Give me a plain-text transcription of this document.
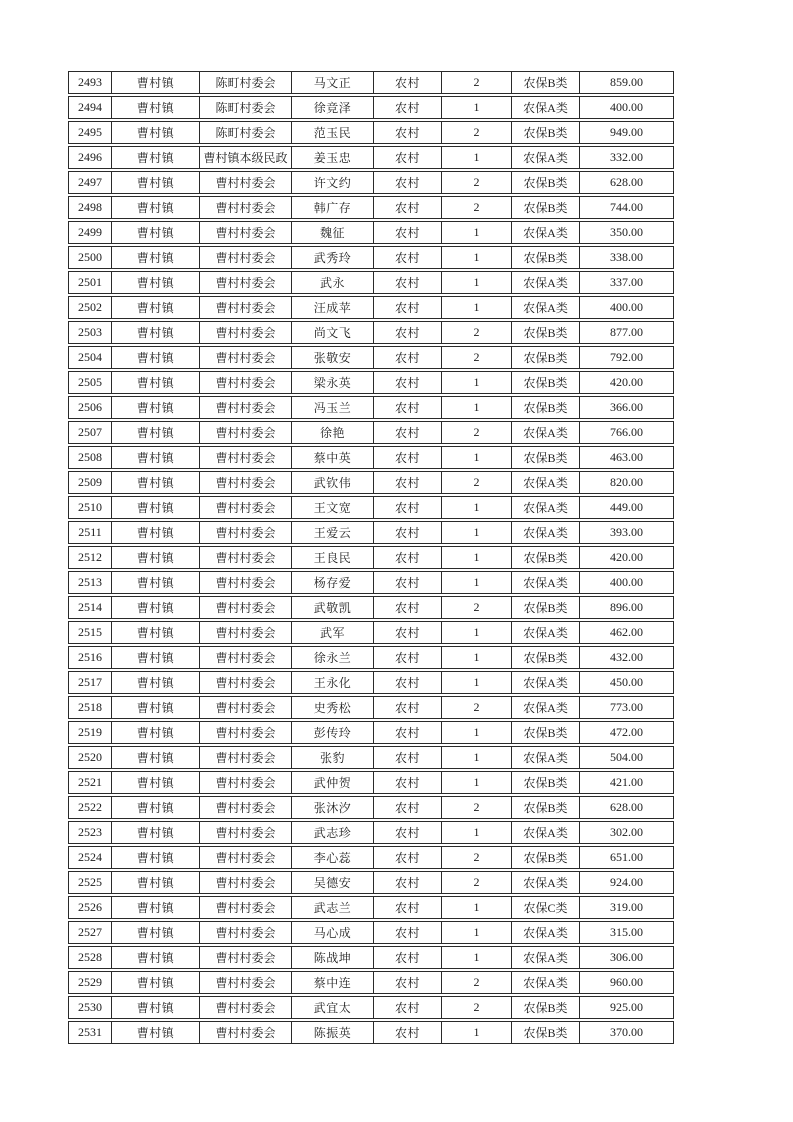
2493	曹村镇	陈町村委会	马文正	农村	2	农保B类	859.00
2494	曹村镇	陈町村委会	徐竞泽	农村	1	农保A类	400.00
2495	曹村镇	陈町村委会	范玉民	农村	2	农保B类	949.00
2496	曹村镇	曹村镇本级民政	姜玉忠	农村	1	农保A类	332.00
2497	曹村镇	曹村村委会	许文约	农村	2	农保B类	628.00
2498	曹村镇	曹村村委会	韩广存	农村	2	农保B类	744.00
2499	曹村镇	曹村村委会	魏征	农村	1	农保A类	350.00
2500	曹村镇	曹村村委会	武秀玲	农村	1	农保B类	338.00
2501	曹村镇	曹村村委会	武永	农村	1	农保A类	337.00
2502	曹村镇	曹村村委会	汪成苹	农村	1	农保A类	400.00
2503	曹村镇	曹村村委会	尚文飞	农村	2	农保B类	877.00
2504	曹村镇	曹村村委会	张敬安	农村	2	农保B类	792.00
2505	曹村镇	曹村村委会	梁永英	农村	1	农保B类	420.00
2506	曹村镇	曹村村委会	冯玉兰	农村	1	农保B类	366.00
2507	曹村镇	曹村村委会	徐艳	农村	2	农保A类	766.00
2508	曹村镇	曹村村委会	蔡中英	农村	1	农保B类	463.00
2509	曹村镇	曹村村委会	武钦伟	农村	2	农保A类	820.00
2510	曹村镇	曹村村委会	王文宽	农村	1	农保A类	449.00
2511	曹村镇	曹村村委会	王爱云	农村	1	农保A类	393.00
2512	曹村镇	曹村村委会	王良民	农村	1	农保B类	420.00
2513	曹村镇	曹村村委会	杨存爱	农村	1	农保A类	400.00
2514	曹村镇	曹村村委会	武敬凯	农村	2	农保B类	896.00
2515	曹村镇	曹村村委会	武军	农村	1	农保A类	462.00
2516	曹村镇	曹村村委会	徐永兰	农村	1	农保B类	432.00
2517	曹村镇	曹村村委会	王永化	农村	1	农保A类	450.00
2518	曹村镇	曹村村委会	史秀松	农村	2	农保A类	773.00
2519	曹村镇	曹村村委会	彭传玲	农村	1	农保B类	472.00
2520	曹村镇	曹村村委会	张豹	农村	1	农保A类	504.00
2521	曹村镇	曹村村委会	武仲贺	农村	1	农保B类	421.00
2522	曹村镇	曹村村委会	张沐汐	农村	2	农保B类	628.00
2523	曹村镇	曹村村委会	武志珍	农村	1	农保A类	302.00
2524	曹村镇	曹村村委会	李心蕊	农村	2	农保B类	651.00
2525	曹村镇	曹村村委会	吴德安	农村	2	农保A类	924.00
2526	曹村镇	曹村村委会	武志兰	农村	1	农保C类	319.00
2527	曹村镇	曹村村委会	马心成	农村	1	农保A类	315.00
2528	曹村镇	曹村村委会	陈战坤	农村	1	农保A类	306.00
2529	曹村镇	曹村村委会	蔡中连	农村	2	农保A类	960.00
2530	曹村镇	曹村村委会	武宜太	农村	2	农保B类	925.00
2531	曹村镇	曹村村委会	陈振英	农村	1	农保B类	370.00
